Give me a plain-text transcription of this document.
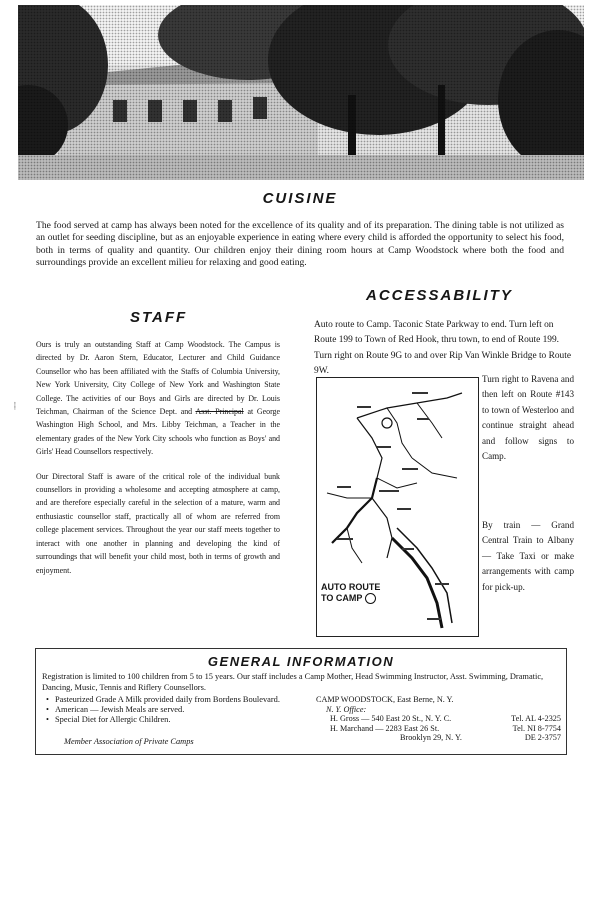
CUISINE

The food served at camp has always been noted for the excellence of its quality and of its preparation. The dining table is not utilized as an outlet for seeding discipline, but as an enjoyable experience in eating where every child is afforded the opportunity to select his food, both in terms of quality and quantity. Our children enjoy their dining room hours at Camp Woodstock where both the food and surroundings provide an excellent milieu for relaxing and good eating.

STAFF

Ours is truly an outstanding Staff at Camp Woodstock. The Campus is directed by Dr. Aaron Stern, Educator, Lecturer and Child Guidance Counsellor who has been affiliated with the Staffs of Columbia University, New York University, City College of New York and Washington State College. The activities of our Boys and Girls are directed by Dr. Louis Teichman, Chairman of the Science Dept. and Asst. Principal at George Washington High School, and Mrs. Libby Teichman, a Teacher in the elementary grades of the New York City schools who function as Boys' and Girls' Head Counsellors respectively.

Our Directoral Staff is aware of the critical role of the individual bunk counsellors in providing a wholesome and accepting atmosphere at camp, and are therefore especially careful in the selection of a mature, warm and enthusiastic counsellor staff, practically all of whom are referred from college placement services. Throughout the year our staff meets together to interact with one another in planning and developing the kind of surroundings that will benefit your child most, both in terms of growth and enjoyment.

⸽
ACCESSABILITY

Auto route to Camp. Taconic State Parkway to end. Turn left on Route 199 to Town of Red Hook, thru town, to end of Route 199. Turn right on Route 9G to and over Rip Van Winkle Bridge to Route 9W.

Turn right to Ravena and then left on Route #143 to town of Westerloo and continue straight ahead and follow signs to Camp.

By train — Grand Central Train to Albany — Take Taxi or make arrangements with camp for pick-up.

AUTO ROUTE
TO CAMP
GENERAL INFORMATION

Registration is limited to 100 children from 5 to 15 years. Our staff includes a Camp Mother, Head Swimming Instructor, Asst. Swimming, Dramatic, Dancing, Music, Tennis and Riflery Counsellors.

• Pasteurized Grade A Milk provided daily from Bordens Boulevard.
• American — Jewish Meals are served.
• Special Diet for Allergic Children.

Member Association of Private Camps

CAMP WOODSTOCK, East Berne, N. Y.
N. Y. Office:
H. Gross — 540 East 20 St., N. Y. C.	Tel. AL 4-2325
H. Marchand — 2283 East 26 St.	Tel. NI 8-7754
Brooklyn 29, N. Y.	DE 2-3757
